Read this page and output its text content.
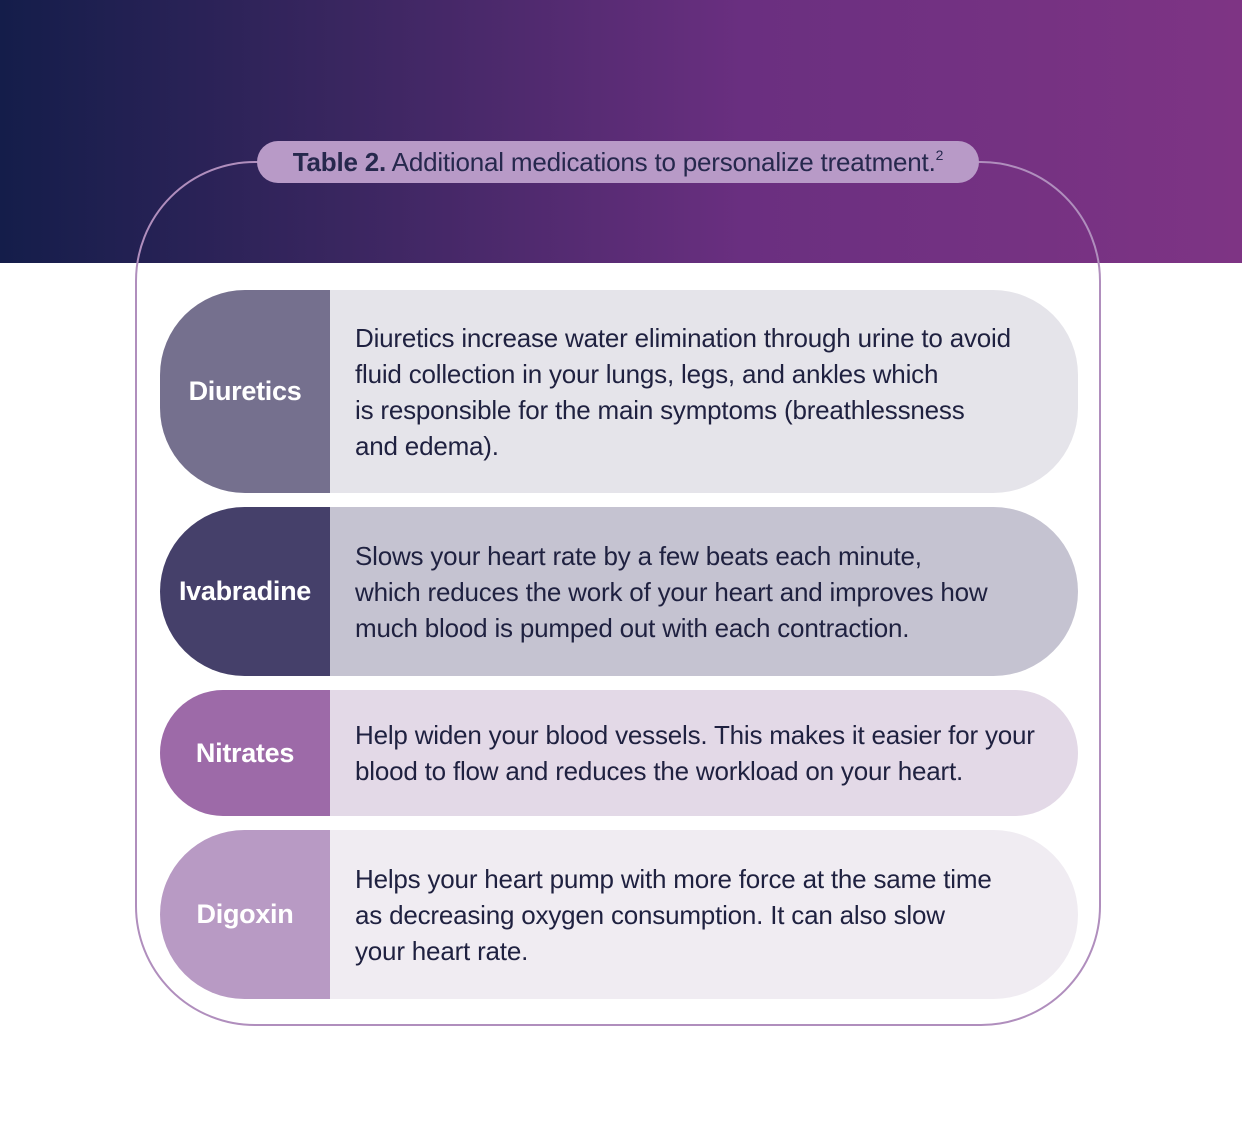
Table 2. Additional medications to personalize treatment.$^2$
Diuretics
Diuretics increase water elimination through urine to avoid
fluid collection in your lungs, legs, and ankles which
is responsible for the main symptoms (breathlessness
and edema).
Ivabradine
Slows your heart rate by a few beats each minute,
which reduces the work of your heart and improves how
much blood is pumped out with each contraction.
Nitrates
Help widen your blood vessels. This makes it easier for your
blood to flow and reduces the workload on your heart.
Digoxin
Helps your heart pump with more force at the same time
as decreasing oxygen consumption. It can also slow
your heart rate.
